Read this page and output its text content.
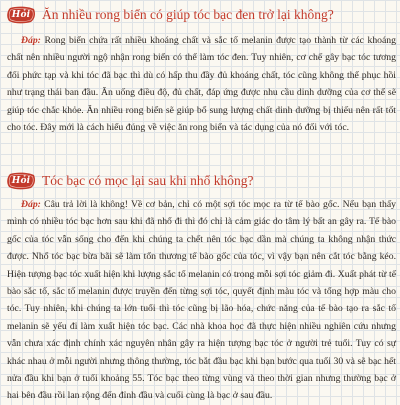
Hỏi Ăn nhiều rong biển có giúp tóc bạc đen trở lại không?

Đáp: Rong biển chứa rất nhiều khoáng chất và sắc tố melanin được tạo thành từ các khoáng chất nên nhiều người ngộ nhận rong biển có thể làm tóc đen. Tuy nhiên, cơ chế gây bạc tóc tương đối phức tạp và khi tóc đã bạc thì dù có hấp thu đầy đủ khoáng chất, tóc cũng không thể phục hồi như trạng thái ban đầu. Ăn uống điều độ, đủ chất, đáp ứng được nhu cầu dinh dưỡng của cơ thể sẽ giúp tóc chắc khỏe. Ăn nhiều rong biển sẽ giúp bổ sung lượng chất dinh dưỡng bị thiếu nên rất tốt cho tóc. Đây mới là cách hiểu đúng về việc ăn rong biển và tác dụng của nó đối với tóc.

Hỏi Tóc bạc có mọc lại sau khi nhổ không?

Đáp: Câu trả lời là không! Về cơ bản, chỉ có một sợi tóc mọc ra từ tế bào gốc. Nếu bạn thấy mình có nhiều tóc bạc hơn sau khi đã nhổ đi thì đó chỉ là cảm giác do tâm lý bất an gây ra. Tế bào gốc của tóc vẫn sống cho đến khi chúng ta chết nên tóc bạc dần mà chúng ta không nhận thức được. Nhổ tóc bạc bừa bãi sẽ làm tổn thương tế bào gốc của tóc, vì vậy bạn nên cắt tóc bằng kéo. Hiện tượng bạc tóc xuất hiện khi lượng sắc tố melanin có trong mỗi sợi tóc giảm đi. Xuất phát từ tế bào sắc tố, sắc tố melanin được truyền đến từng sợi tóc, quyết định màu tóc và tổng hợp màu cho tóc. Tuy nhiên, khi chúng ta lớn tuổi thì tóc cũng bị lão hóa, chức năng của tế bào tạo ra sắc tố melanin sẽ yếu đi làm xuất hiện tóc bạc. Các nhà khoa học đã thực hiện nhiều nghiên cứu nhưng vẫn chưa xác định chính xác nguyên nhân gây ra hiện tượng bạc tóc ở người trẻ tuổi. Tuy có sự khác nhau ở mỗi người nhưng thông thường, tóc bắt đầu bạc khi bạn bước qua tuổi 30 và sẽ bạc hết nửa đầu khi bạn ở tuổi khoảng 55. Tóc bạc theo từng vùng và theo thời gian nhưng thường bạc ở hai bên đầu rồi lan rộng đến đỉnh đầu và cuối cùng là bạc ở sau đầu.
